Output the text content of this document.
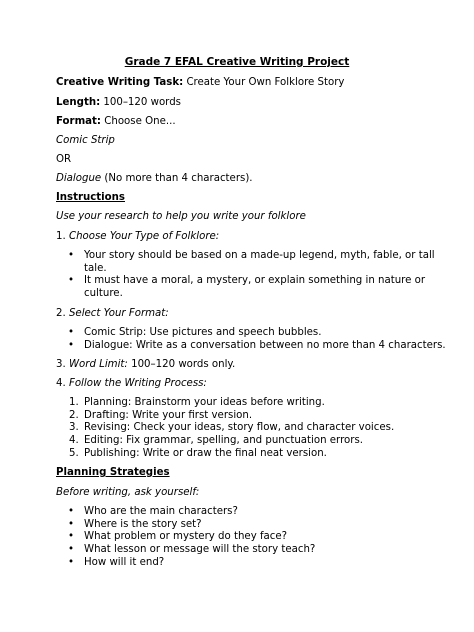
Grade 7 EFAL Creative Writing Project
Creative Writing Task: Create Your Own Folklore Story
Length: 100–120 words
Format: Choose One...
Comic Strip
OR
Dialogue (No more than 4 characters).
Instructions
Use your research to help you write your folklore
1. Choose Your Type of Folklore:
• Your story should be based on a made-up legend, myth, fable, or tall
tale.
• It must have a moral, a mystery, or explain something in nature or
culture.
2. Select Your Format:
• Comic Strip: Use pictures and speech bubbles.
• Dialogue: Write as a conversation between no more than 4 characters.
3. Word Limit: 100–120 words only.
4. Follow the Writing Process:
1. Planning: Brainstorm your ideas before writing.
2. Drafting: Write your first version.
3. Revising: Check your ideas, story flow, and character voices.
4. Editing: Fix grammar, spelling, and punctuation errors.
5. Publishing: Write or draw the final neat version.
Planning Strategies
Before writing, ask yourself:
• Who are the main characters?
• Where is the story set?
• What problem or mystery do they face?
• What lesson or message will the story teach?
• How will it end?
